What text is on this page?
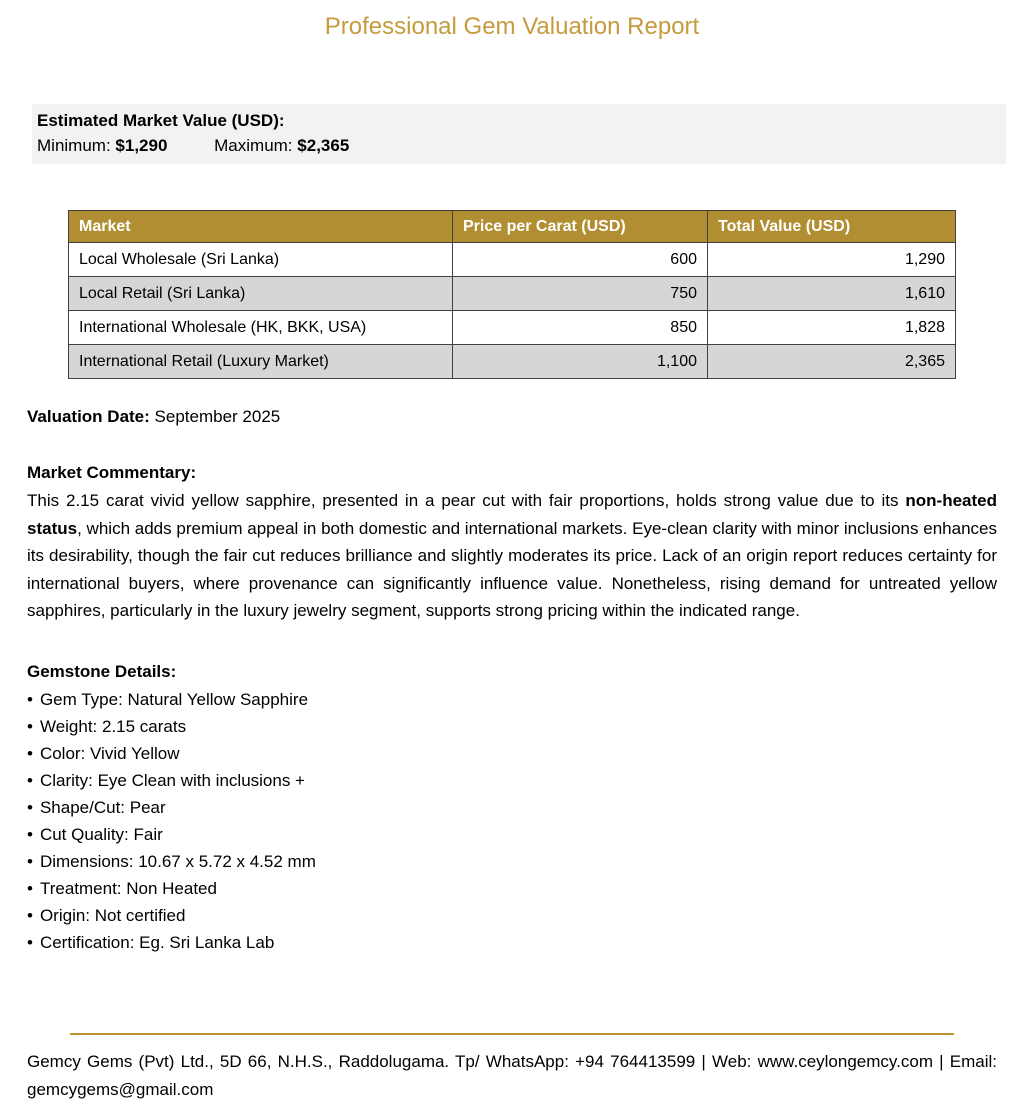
Professional Gem Valuation Report
Estimated Market Value (USD):
Minimum: $1,290	Maximum: $2,365
Market	Price per Carat (USD)	Total Value (USD)
Local Wholesale (Sri Lanka)	600	1,290
Local Retail (Sri Lanka)	750	1,610
International Wholesale (HK, BKK, USA)	850	1,828
International Retail (Luxury Market)	1,100	2,365
Valuation Date: September 2025
Market Commentary:
This 2.15 carat vivid yellow sapphire, presented in a pear cut with fair proportions, holds strong value due to its non-heated status, which adds premium appeal in both domestic and international markets. Eye-clean clarity with minor inclusions enhances its desirability, though the fair cut reduces brilliance and slightly moderates its price. Lack of an origin report reduces certainty for international buyers, where provenance can significantly influence value. Nonetheless, rising demand for untreated yellow sapphires, particularly in the luxury jewelry segment, supports strong pricing within the indicated range.
Gemstone Details:
• Gem Type: Natural Yellow Sapphire
• Weight: 2.15 carats
• Color: Vivid Yellow
• Clarity: Eye Clean with inclusions +
• Shape/Cut: Pear
• Cut Quality: Fair
• Dimensions: 10.67 x 5.72 x 4.52 mm
• Treatment: Non Heated
• Origin: Not certified
• Certification: Eg. Sri Lanka Lab
Gemcy Gems (Pvt) Ltd., 5D 66, N.H.S., Raddolugama. Tp/ WhatsApp: +94 764413599 | Web: www.ceylongemcy.com | Email: gemcygems@gmail.com
